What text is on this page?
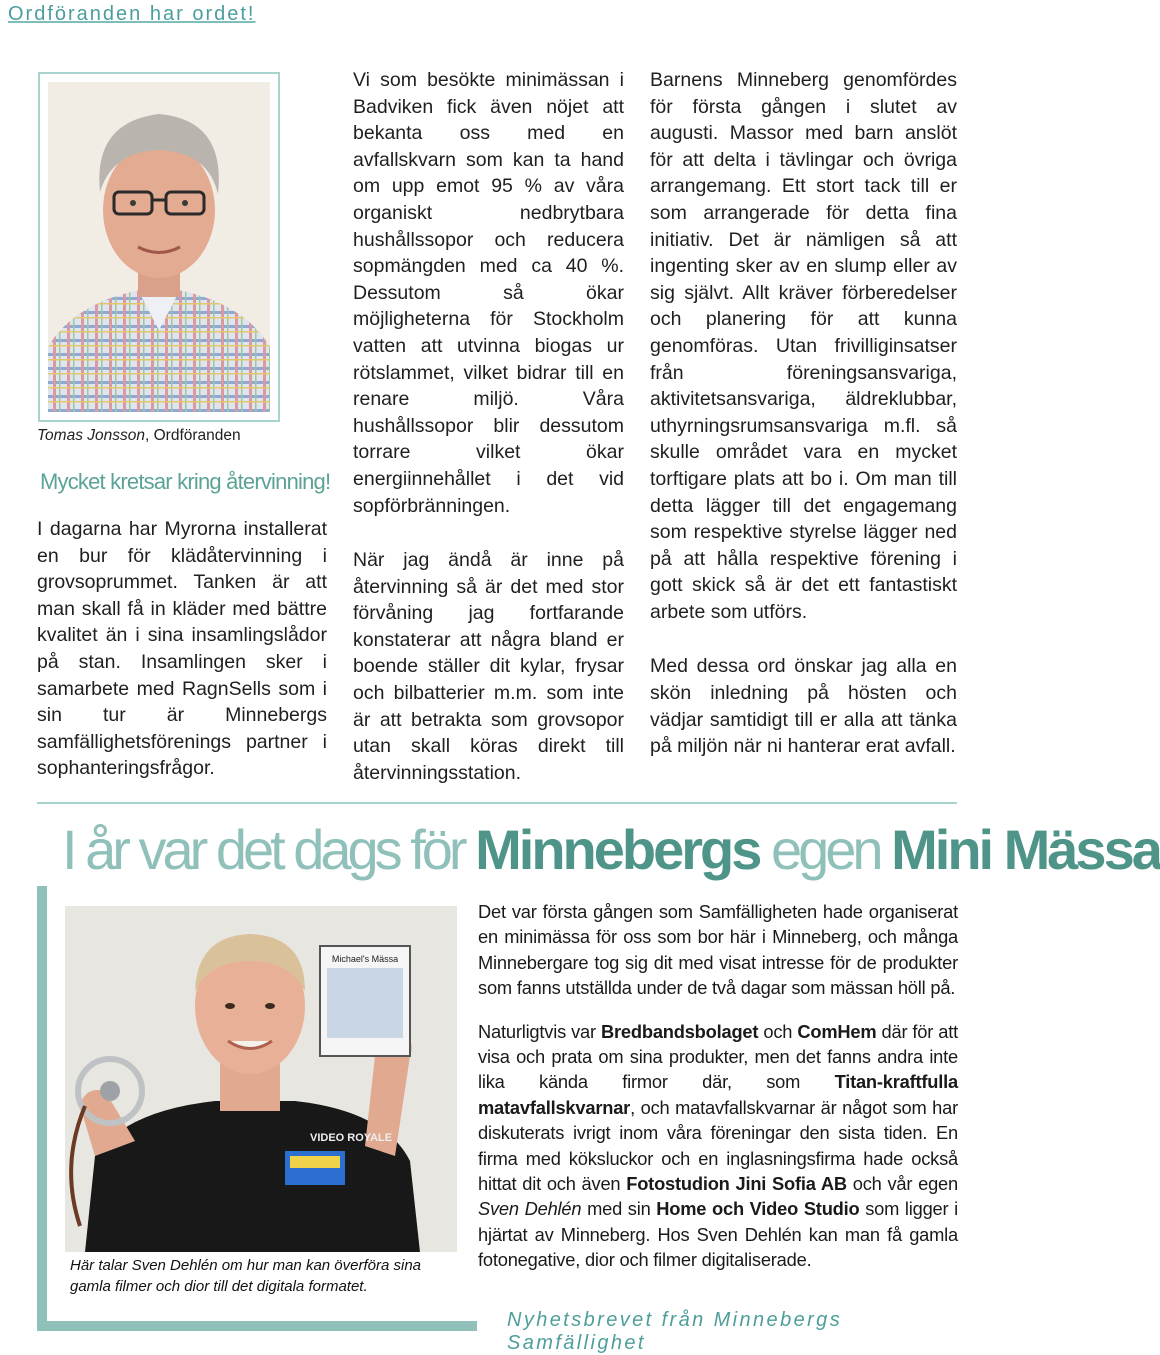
Ordföranden har ordet!
Tomas Jonsson, Ordföranden
Mycket kretsar kring återvinning!

I dagarna har Myrorna installerat en bur för klädåtervinning i grovsoprummet. Tanken är att man skall få in kläder med bättre kvalitet än i sina insamlingslådor på stan. Insamlingen sker i samarbete med RagnSells som i sin tur är Minnebergs samfällighetsförenings partner i sophanteringsfrågor.

Vi som besökte minimässan i Badviken fick även nöjet att bekanta oss med en avfallskvarn som kan ta hand om upp emot 95 % av våra organiskt nedbrytbara hushållssopor och reducera sopmängden med ca 40 %. Dessutom så ökar möjligheterna för Stockholm vatten att utvinna biogas ur rötslammet, vilket bidrar till en renare miljö. Våra hushållssopor blir dessutom torrare vilket ökar energiinnehållet i det vid sopförbränningen.

När jag ändå är inne på återvinning så är det med stor förvåning jag fortfarande konstaterar att några bland er boende ställer dit kylar, frysar och bilbatterier m.m. som inte är att betrakta som grovsopor utan skall köras direkt till återvinningsstation.

Barnens Minneberg genomfördes för första gången i slutet av augusti. Massor med barn anslöt för att delta i tävlingar och övriga arrangemang. Ett stort tack till er som arrangerade för detta fina initiativ. Det är nämligen så att ingenting sker av en slump eller av sig självt. Allt kräver förberedelser och planering för att kunna genomföras. Utan frivilliginsatser från föreningsansvariga, aktivitetsansvariga, äldreklubbar, uthyrningsrumsansvariga m.fl. så skulle området vara en mycket torftigare plats att bo i. Om man till detta lägger till det engagemang som respektive styrelse lägger ned på att hålla respektive förening i gott skick så är det ett fantastiskt arbete som utförs.

Med dessa ord önskar jag alla en skön inledning på hösten och vädjar samtidigt till er alla att tänka på miljön när ni hanterar erat avfall.

I år var det dags för Minnebergs egen Mini Mässa
Michael's Mässa
VIDEO ROYALE
Här talar Sven Dehlén om hur man kan överföra sina gamla filmer och dior till det digitala formatet.

Det var första gången som Samfälligheten hade organiserat en minimässa för oss som bor här i Minneberg, och många Minnebergare tog sig dit med visat intresse för de produkter som fanns utställda under de två dagar som mässan höll på.

Naturligtvis var Bredbandsbolaget och ComHem där för att visa och prata om sina produkter, men det fanns andra inte lika kända firmor där, som Titan-kraftfulla matavfallskvarnar, och matavfallskvarnar är något som har diskuterats ivrigt inom våra föreningar den sista tiden. En firma med köksluckor och en inglasningsfirma hade också hittat dit och även Fotostudion Jini Sofia AB och vår egen Sven Dehlén med sin Home och Video Studio som ligger i hjärtat av Minneberg. Hos Sven Dehlén kan man få gamla fotonegative, dior och filmer digitaliserade.

Nyhetsbrevet från Minnebergs Samfällighet
